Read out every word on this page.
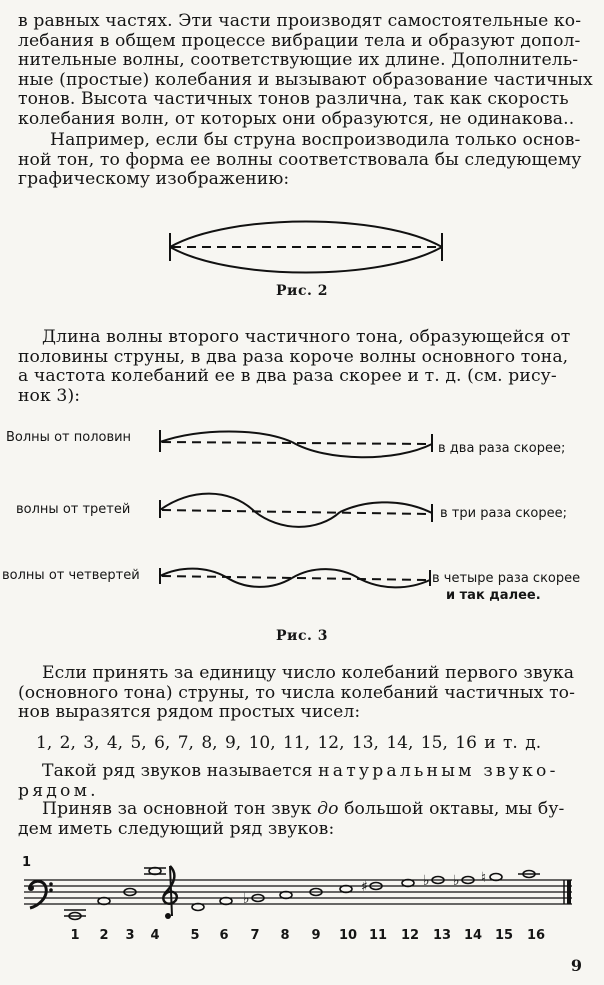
в равных частях. Эти части производят самостоятельные ко-
лебания в общем процессе вибрации тела и образуют допол-
нительные волны, соответствующие их длине. Дополнитель-
ные (простые) колебания и вызывают образование частичных
тонов. Высота частичных тонов различна, так как скорость
колебания волн, от которых они образуются, не одинакова..
Например, если бы струна воспроизводила только основ-
ной тон, то форма ее волны соответствовала бы следующему
графическому изображению:
Рис. 2
Длина волны второго частичного тона, образующейся от
половины струны, в два раза короче волны основного тона,
а частота колебаний ее в два раза скорее и т. д. (см. рису-
нок 3):
Волны от половин
в два раза скорее;
волны от третей	в три раза скорее;
волны от четвертей	в четыре раза скорее
и так далее.
Рис. 3
Если принять за единицу число колебаний первого звука
(основного тона) струны, то числа колебаний частичных то-
нов выразятся рядом простых чисел:
1, 2, 3, 4, 5, 6, 7, 8, 9, 10, 11, 12, 13, 14, 15, 16 и т. д.
Такой ряд звуков называется натуральным звуко-
рядом.
Приняв за основной тон звук до большой октавы, мы бу-
дем иметь следующий ряд звуков:
1
♭
♯	♭ ♭ ♮
1 2 3 4 5 6 7 8 9 10 11 12 13 14 15 16
9
